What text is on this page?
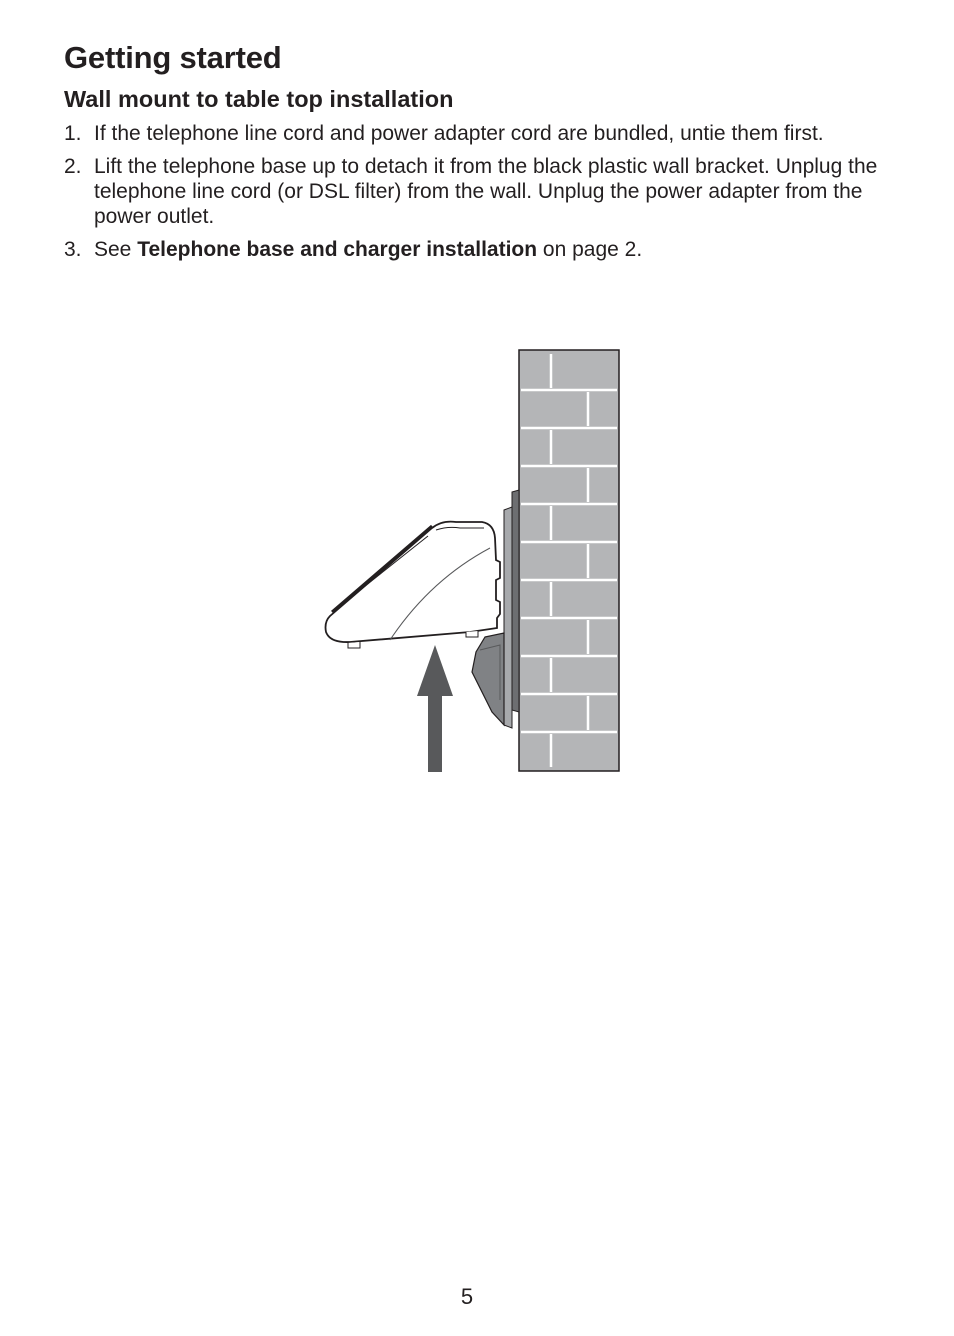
Getting started
Wall mount to table top installation
1. If the telephone line cord and power adapter cord are bundled, untie them first.
2. Lift the telephone base up to detach it from the black plastic wall bracket. Unplug the telephone line cord (or DSL filter) from the wall. Unplug the power adapter from the power outlet.
3. See Telephone base and charger installation on page 2.
5
